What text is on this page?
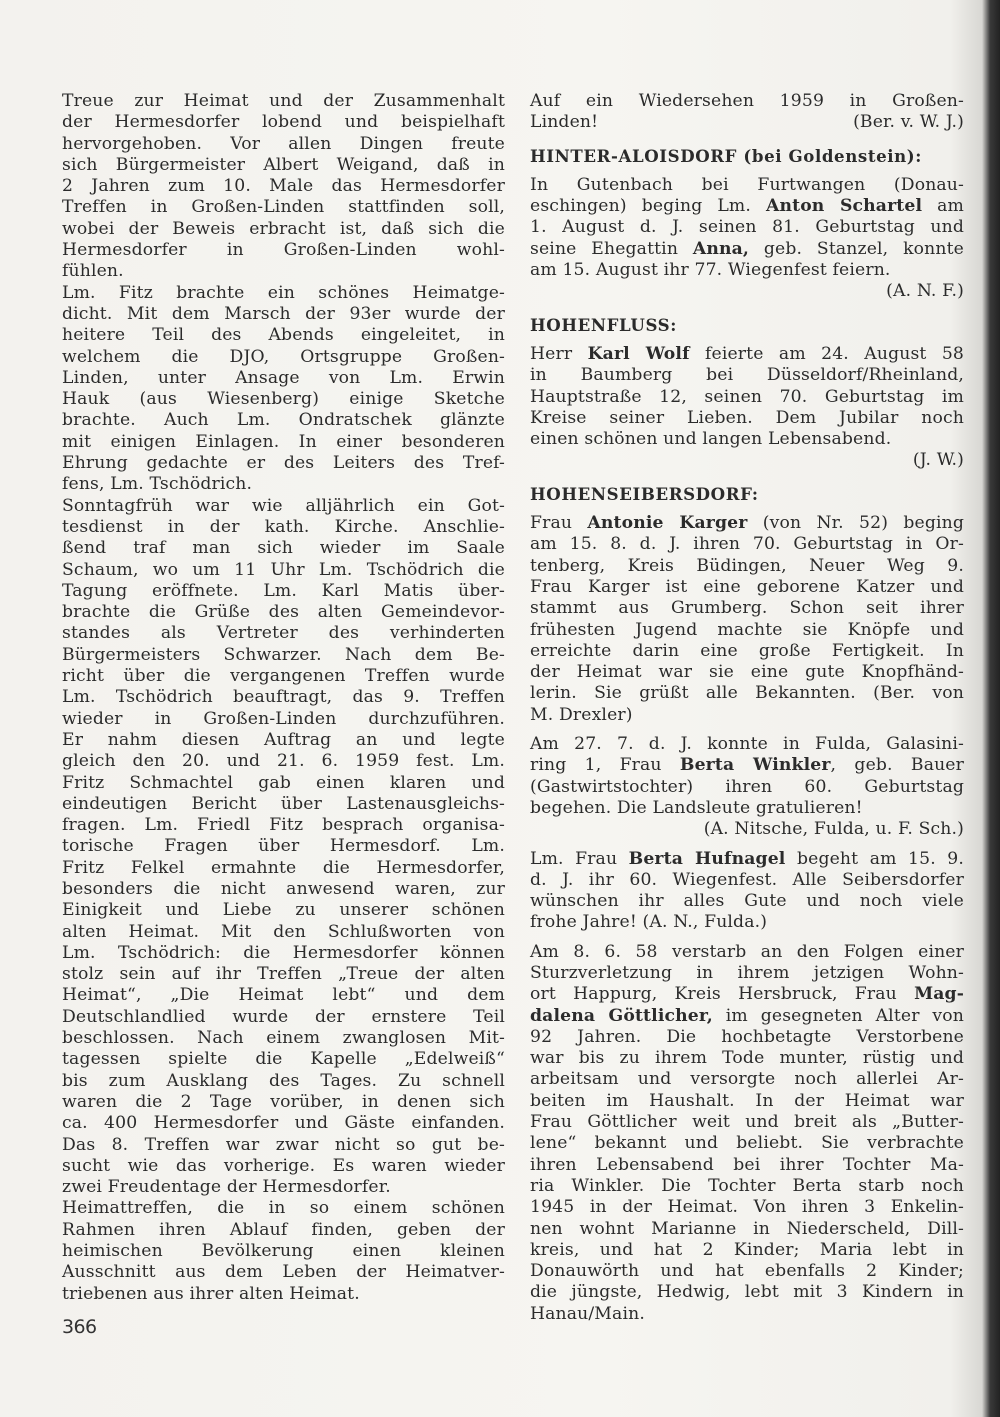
Treue zur Heimat und der Zusammenhalt
der Hermesdorfer lobend und beispielhaft
hervorgehoben. Vor allen Dingen freute
sich Bürgermeister Albert Weigand, daß in
2 Jahren zum 10. Male das Hermesdorfer
Treffen in Großen-Linden stattfinden soll,
wobei der Beweis erbracht ist, daß sich die
Hermesdorfer in Großen-Linden wohl-
fühlen.

Lm. Fitz brachte ein schönes Heimatge-
dicht. Mit dem Marsch der 93er wurde der
heitere Teil des Abends eingeleitet, in
welchem die DJO, Ortsgruppe Großen-
Linden, unter Ansage von Lm. Erwin
Hauk (aus Wiesenberg) einige Sketche
brachte. Auch Lm. Ondratschek glänzte
mit einigen Einlagen. In einer besonderen
Ehrung gedachte er des Leiters des Tref-
fens, Lm. Tschödrich.

Sonntagfrüh war wie alljährlich ein Got-
tesdienst in der kath. Kirche. Anschlie-
ßend traf man sich wieder im Saale
Schaum, wo um 11 Uhr Lm. Tschödrich die
Tagung eröffnete. Lm. Karl Matis über-
brachte die Grüße des alten Gemeindevor-
standes als Vertreter des verhinderten
Bürgermeisters Schwarzer. Nach dem Be-
richt über die vergangenen Treffen wurde
Lm. Tschödrich beauftragt, das 9. Treffen
wieder in Großen-Linden durchzuführen.
Er nahm diesen Auftrag an und legte
gleich den 20. und 21. 6. 1959 fest. Lm.
Fritz Schmachtel gab einen klaren und
eindeutigen Bericht über Lastenausgleichs-
fragen. Lm. Friedl Fitz besprach organisa-
torische Fragen über Hermesdorf. Lm.
Fritz Felkel ermahnte die Hermesdorfer,
besonders die nicht anwesend waren, zur
Einigkeit und Liebe zu unserer schönen
alten Heimat. Mit den Schlußworten von
Lm. Tschödrich: die Hermesdorfer können
stolz sein auf ihr Treffen „Treue der alten
Heimat“, „Die Heimat lebt“ und dem
Deutschlandlied wurde der ernstere Teil
beschlossen. Nach einem zwanglosen Mit-
tagessen spielte die Kapelle „Edelweiß“
bis zum Ausklang des Tages. Zu schnell
waren die 2 Tage vorüber, in denen sich
ca. 400 Hermesdorfer und Gäste einfanden.
Das 8. Treffen war zwar nicht so gut be-
sucht wie das vorherige. Es waren wieder
zwei Freudentage der Hermesdorfer.

Heimattreffen, die in so einem schönen
Rahmen ihren Ablauf finden, geben der
heimischen Bevölkerung einen kleinen
Ausschnitt aus dem Leben der Heimatver-
triebenen aus ihrer alten Heimat.

Auf ein Wiedersehen 1959 in Großen-
Linden!	(Ber. v. W. J.)

HINTER-ALOISDORF (bei Goldenstein):

In Gutenbach bei Furtwangen (Donau-
eschingen) beging Lm. Anton Schartel am
1. August d. J. seinen 81. Geburtstag und
seine Ehegattin Anna, geb. Stanzel, konnte
am 15. August ihr 77. Wiegenfest feiern.
(A. N. F.)

HOHENFLUSS:

Herr Karl Wolf feierte am 24. August 58
in Baumberg bei Düsseldorf/Rheinland,
Hauptstraße 12, seinen 70. Geburtstag im
Kreise seiner Lieben. Dem Jubilar noch
einen schönen und langen Lebensabend.
(J. W.)

HOHENSEIBERSDORF:

Frau Antonie Karger (von Nr. 52) beging
am 15. 8. d. J. ihren 70. Geburtstag in Or-
tenberg, Kreis Büdingen, Neuer Weg 9.
Frau Karger ist eine geborene Katzer und
stammt aus Grumberg. Schon seit ihrer
frühesten Jugend machte sie Knöpfe und
erreichte darin eine große Fertigkeit. In
der Heimat war sie eine gute Knopfhänd-
lerin. Sie grüßt alle Bekannten. (Ber. von
M. Drexler)

Am 27. 7. d. J. konnte in Fulda, Galasini-
ring 1, Frau Berta Winkler, geb. Bauer
(Gastwirtstochter) ihren 60. Geburtstag
begehen. Die Landsleute gratulieren!
(A. Nitsche, Fulda, u. F. Sch.)

Lm. Frau Berta Hufnagel begeht am 15. 9.
d. J. ihr 60. Wiegenfest. Alle Seibersdorfer
wünschen ihr alles Gute und noch viele
frohe Jahre! (A. N., Fulda.)

Am 8. 6. 58 verstarb an den Folgen einer
Sturzverletzung in ihrem jetzigen Wohn-
ort Happurg, Kreis Hersbruck, Frau Mag-
dalena Göttlicher, im gesegneten Alter von
92 Jahren. Die hochbetagte Verstorbene
war bis zu ihrem Tode munter, rüstig und
arbeitsam und versorgte noch allerlei Ar-
beiten im Haushalt. In der Heimat war
Frau Göttlicher weit und breit als „Butter-
lene“ bekannt und beliebt. Sie verbrachte
ihren Lebensabend bei ihrer Tochter Ma-
ria Winkler. Die Tochter Berta starb noch
1945 in der Heimat. Von ihren 3 Enkelin-
nen wohnt Marianne in Niederscheld, Dill-
kreis, und hat 2 Kinder; Maria lebt in
Donauwörth und hat ebenfalls 2 Kinder;
die jüngste, Hedwig, lebt mit 3 Kindern in
Hanau/Main.

366
